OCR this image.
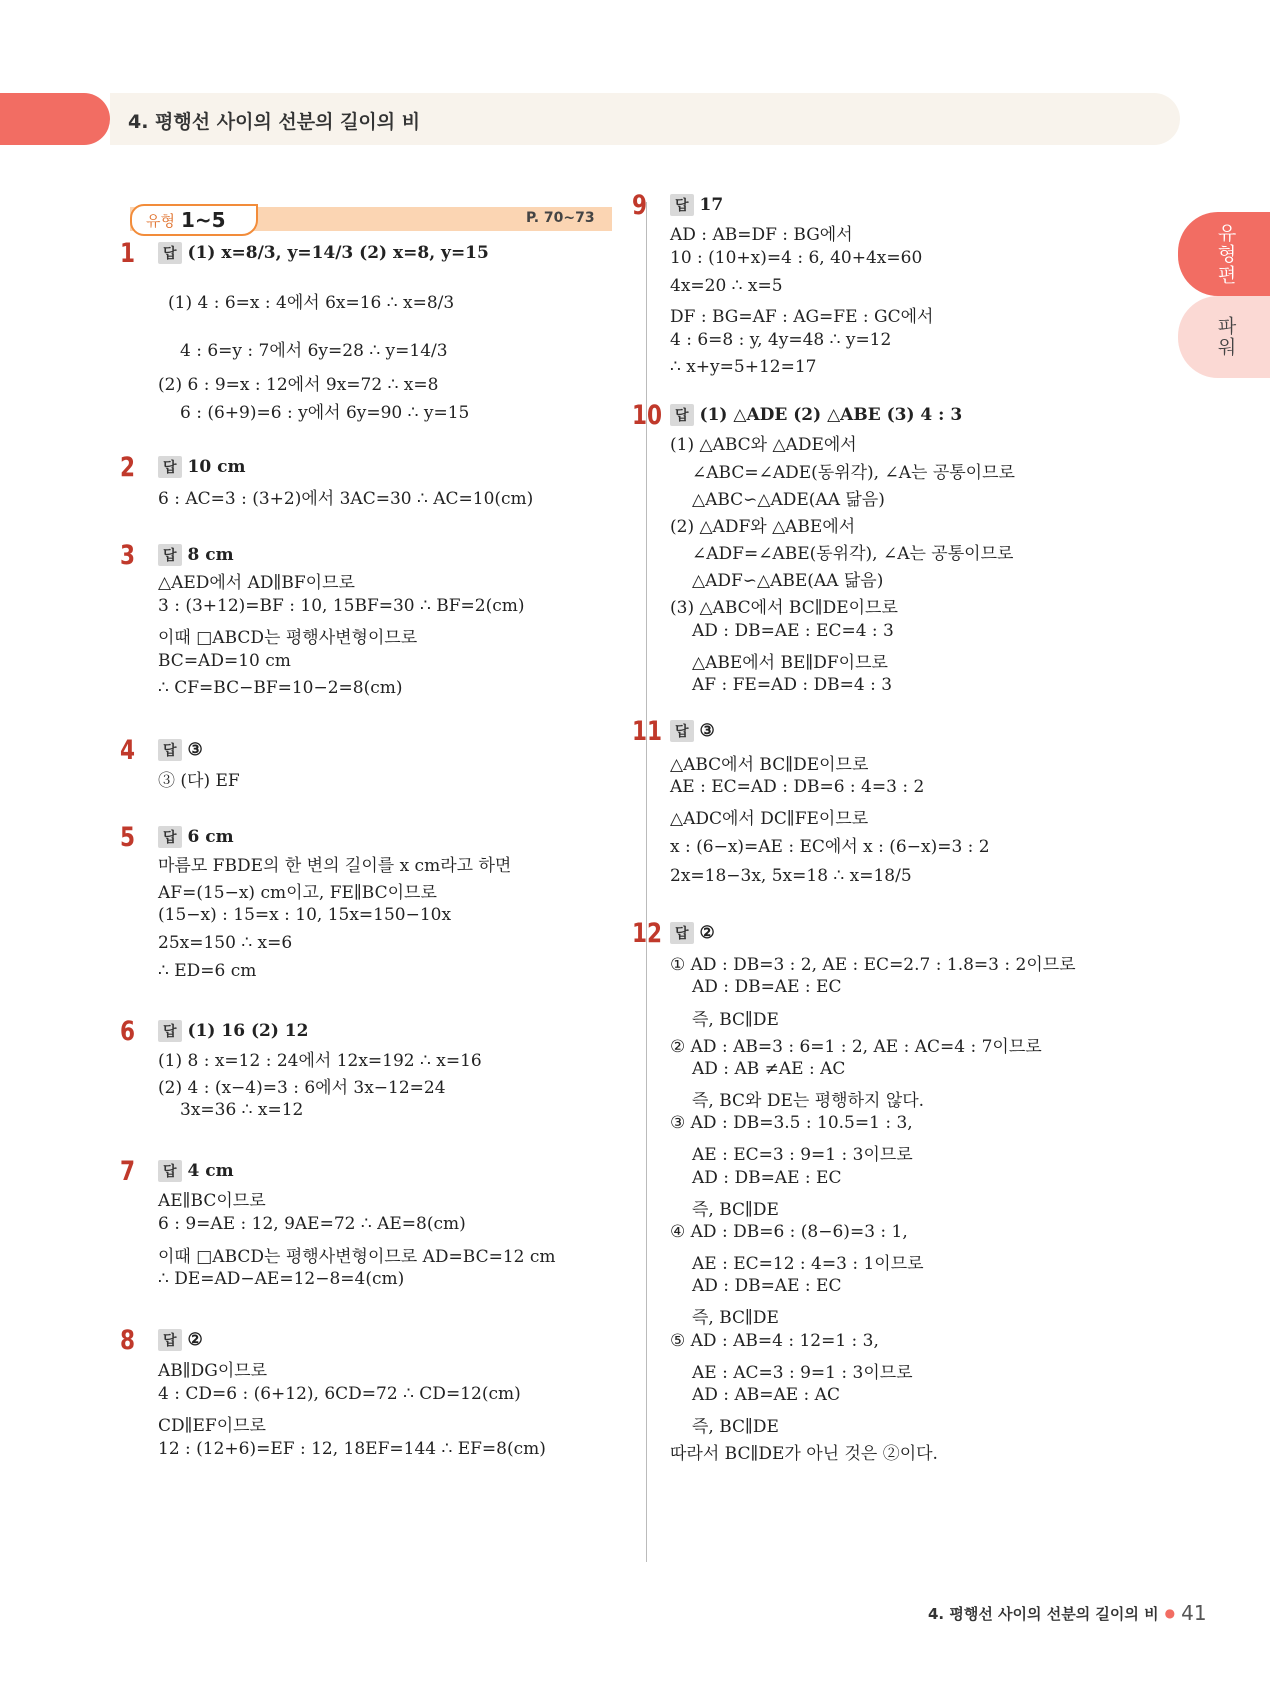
4. 평행선 사이의 선분의 길이의 비
유형편
파워
유형 1~5	P. 70~73
1	답 (1) x=8/3, y=14/3 (2) x=8, y=15
(1) 4 : 6=x : 4에서 6x=16 ∴ x=8/3
4 : 6=y : 7에서 6y=28 ∴ y=14/3
(2) 6 : 9=x : 12에서 9x=72 ∴ x=8
6 : (6+9)=6 : y에서 6y=90 ∴ y=15
2	답 10 cm
6 : AC=3 : (3+2)에서 3AC=30 ∴ AC=10(cm)
3	답 8 cm
△AED에서 AD∥BF이므로
3 : (3+12)=BF : 10, 15BF=30 ∴ BF=2(cm)
이때 □ABCD는 평행사변형이므로
BC=AD=10 cm
∴ CF=BC−BF=10−2=8(cm)
4	답 ③
③ (다) EF
5	답 6 cm
마름모 FBDE의 한 변의 길이를 x cm라고 하면
AF=(15−x) cm이고, FE∥BC이므로
(15−x) : 15=x : 10, 15x=150−10x
25x=150 ∴ x=6
∴ ED=6 cm
6	답 (1) 16 (2) 12
(1) 8 : x=12 : 24에서 12x=192 ∴ x=16
(2) 4 : (x−4)=3 : 6에서 3x−12=24
3x=36 ∴ x=12
7	답 4 cm
AE∥BC이므로
6 : 9=AE : 12, 9AE=72 ∴ AE=8(cm)
이때 □ABCD는 평행사변형이므로 AD=BC=12 cm
∴ DE=AD−AE=12−8=4(cm)
8	답 ②
AB∥DG이므로
4 : CD=6 : (6+12), 6CD=72 ∴ CD=12(cm)
CD∥EF이므로
12 : (12+6)=EF : 12, 18EF=144 ∴ EF=8(cm)
9	답 17
AD : AB=DF : BG에서
10 : (10+x)=4 : 6, 40+4x=60
4x=20 ∴ x=5
DF : BG=AF : AG=FE : GC에서
4 : 6=8 : y, 4y=48 ∴ y=12
∴ x+y=5+12=17
10 답 (1) △ADE (2) △ABE (3) 4 : 3
(1) △ABC와 △ADE에서
∠ABC=∠ADE(동위각), ∠A는 공통이므로
△ABC∽△ADE(AA 닮음)
(2) △ADF와 △ABE에서
∠ADF=∠ABE(동위각), ∠A는 공통이므로
△ADF∽△ABE(AA 닮음)
(3) △ABC에서 BC∥DE이므로
AD : DB=AE : EC=4 : 3
△ABE에서 BE∥DF이므로
AF : FE=AD : DB=4 : 3
11 답 ③
△ABC에서 BC∥DE이므로
AE : EC=AD : DB=6 : 4=3 : 2
△ADC에서 DC∥FE이므로
x : (6−x)=AE : EC에서 x : (6−x)=3 : 2
2x=18−3x, 5x=18 ∴ x=18/5
12 답 ②
① AD : DB=3 : 2, AE : EC=2.7 : 1.8=3 : 2이므로
AD : DB=AE : EC
즉, BC∥DE
② AD : AB=3 : 6=1 : 2, AE : AC=4 : 7이므로
AD : AB ≠AE : AC
즉, BC와 DE는 평행하지 않다.
③ AD : DB=3.5 : 10.5=1 : 3,
AE : EC=3 : 9=1 : 3이므로
AD : DB=AE : EC
즉, BC∥DE
④ AD : DB=6 : (8−6)=3 : 1,
AE : EC=12 : 4=3 : 1이므로
AD : DB=AE : EC
즉, BC∥DE
⑤ AD : AB=4 : 12=1 : 3,
AE : AC=3 : 9=1 : 3이므로
AD : AB=AE : AC
즉, BC∥DE
따라서 BC∥DE가 아닌 것은 ②이다.
4. 평행선 사이의 선분의 길이의 비 ● 41
